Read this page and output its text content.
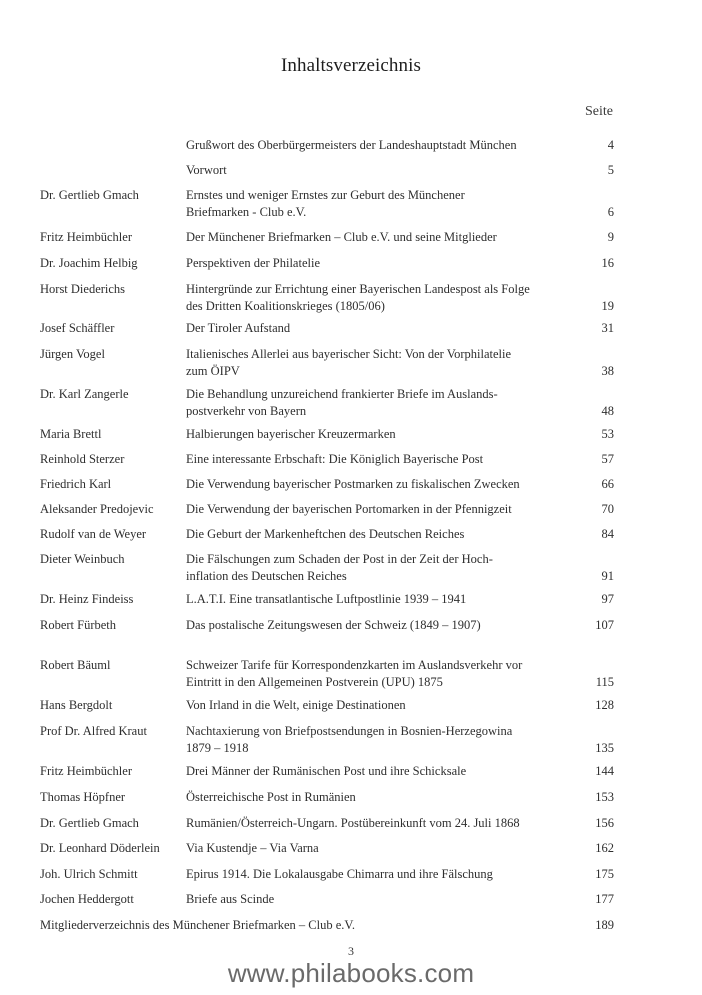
Inhaltsverzeichnis
Seite
Grußwort des Oberbürgermeisters der Landeshauptstadt München	4
Vorwort	5
Dr. Gertlieb Gmach	Ernstes und weniger Ernstes zur Geburt des Münchener
Briefmarken - Club e.V.	6
Fritz Heimbüchler	Der Münchener Briefmarken – Club e.V. und seine Mitglieder	9
Dr. Joachim Helbig	Perspektiven der Philatelie	16
Horst Diederichs	Hintergründe zur Errichtung einer Bayerischen Landespost als Folge
des Dritten Koalitionskrieges (1805/06)	19
Josef Schäffler	Der Tiroler Aufstand	31
Jürgen Vogel	Italienisches Allerlei aus bayerischer Sicht: Von der Vorphilatelie
zum ÖIPV	38
Dr. Karl Zangerle	Die Behandlung unzureichend frankierter Briefe im Auslands-
postverkehr von Bayern	48
Maria Brettl	Halbierungen bayerischer Kreuzermarken	53
Reinhold Sterzer	Eine interessante Erbschaft: Die Königlich Bayerische Post	57
Friedrich Karl	Die Verwendung bayerischer Postmarken zu fiskalischen Zwecken	66
Aleksander Predojevic	Die Verwendung der bayerischen Portomarken in der Pfennigzeit	70
Rudolf van de Weyer	Die Geburt der Markenheftchen des Deutschen Reiches	84
Dieter Weinbuch	Die Fälschungen zum Schaden der Post in der Zeit der Hoch-
inflation des Deutschen Reiches	91
Dr. Heinz Findeiss	L.A.T.I. Eine transatlantische Luftpostlinie 1939 – 1941	97
Robert Fürbeth	Das postalische Zeitungswesen der Schweiz (1849 – 1907)	107
Robert Bäuml	Schweizer Tarife für Korrespondenzkarten im Auslandsverkehr vor
Eintritt in den Allgemeinen Postverein (UPU) 1875	115
Hans Bergdolt	Von Irland in die Welt, einige Destinationen	128
Prof Dr. Alfred Kraut	Nachtaxierung von Briefpostsendungen in Bosnien-Herzegowina
1879 – 1918	135
Fritz Heimbüchler	Drei Männer der Rumänischen Post und ihre Schicksale	144
Thomas Höpfner	Österreichische Post in Rumänien	153
Dr. Gertlieb Gmach	Rumänien/Österreich-Ungarn. Postübereinkunft vom 24. Juli 1868	156
Dr. Leonhard Döderlein	Via Kustendje – Via Varna	162
Joh. Ulrich Schmitt	Epirus 1914. Die Lokalausgabe Chimarra und ihre Fälschung	175
Jochen Heddergott	Briefe aus Scinde	177
Mitgliederverzeichnis des Münchener Briefmarken – Club e.V.	189
3
www.philabooks.com
